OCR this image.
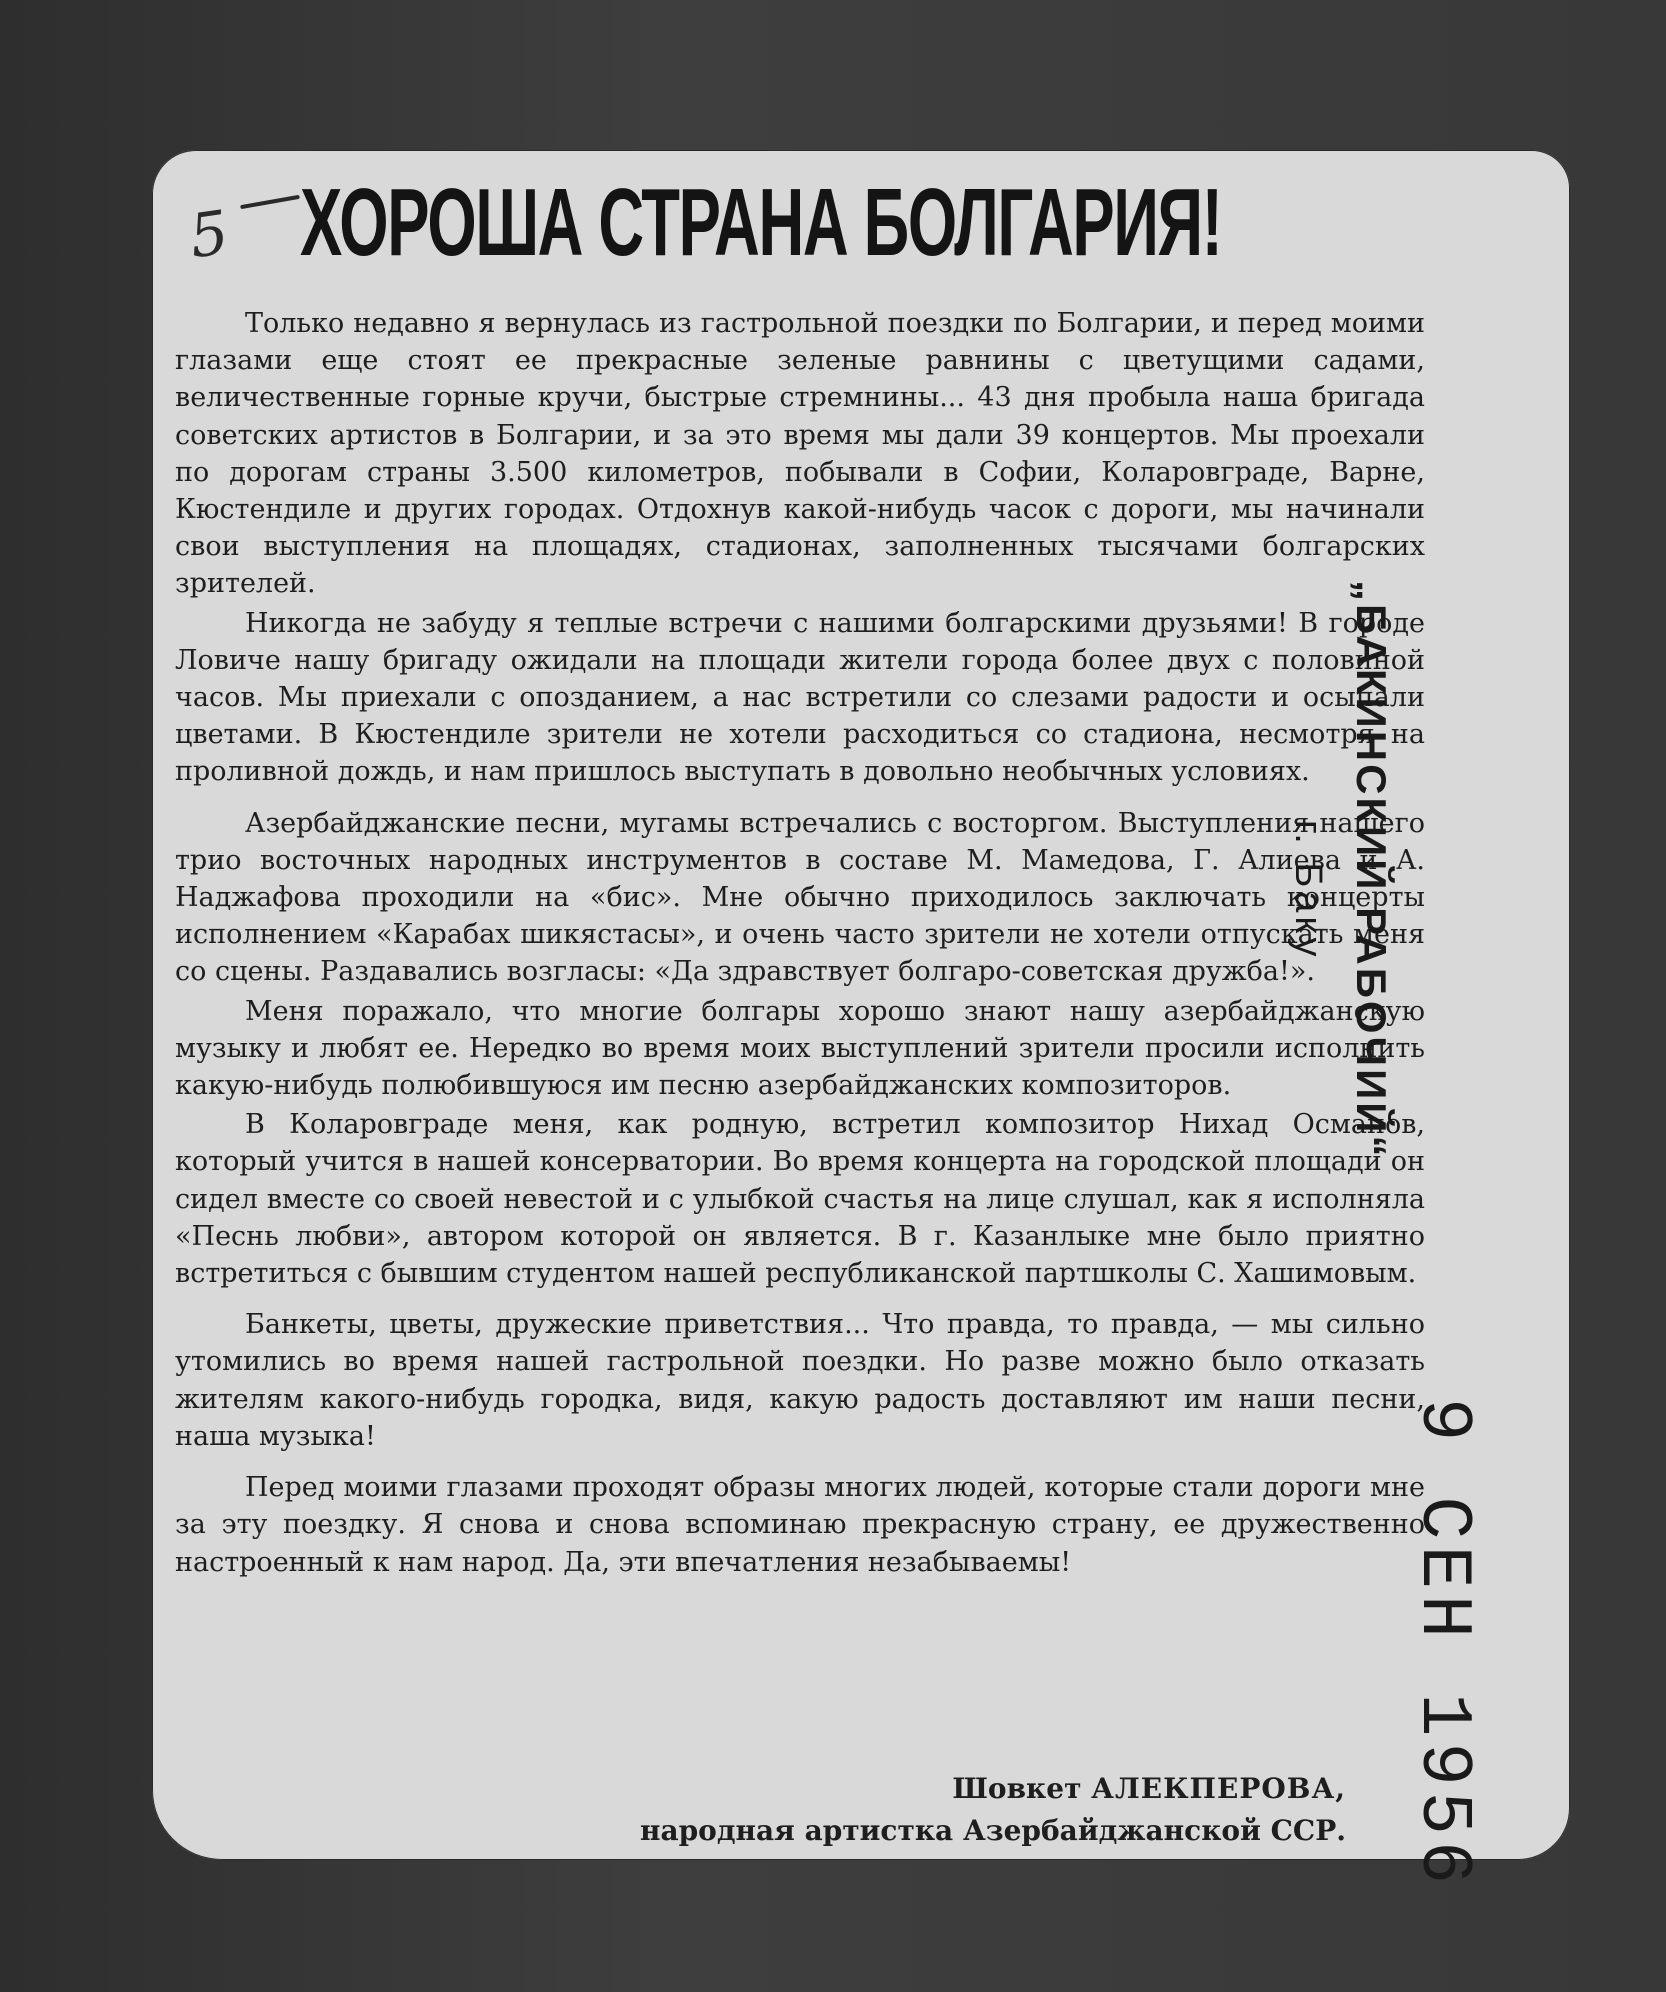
5 ХОРОША СТРАНА БОЛГАРИЯ!

Только недавно я вернулась из гастрольной поездки по Болгарии, и перед моими глазами еще стоят ее прекрасные зеленые равнины с цветущими садами, величественные горные кручи, быстрые стремнины... 43 дня пробыла наша бригада советских артистов в Болгарии, и за это время мы дали 39 концертов. Мы проехали по дорогам страны 3.500 километров, побывали в Софии, Коларовграде, Варне, Кюстендиле и других городах. Отдохнув какой-нибудь часок с дороги, мы начинали свои выступления на площадях, стадионах, заполненных тысячами болгарских зрителей.

Никогда не забуду я теплые встречи с нашими болгарскими друзьями! В городе Ловиче нашу бригаду ожидали на площади жители города более двух с половиной часов. Мы приехали с опозданием, а нас встретили со слезами радости и осыпали цветами. В Кюстендиле зрители не хотели расходиться со стадиона, несмотря на проливной дождь, и нам пришлось выступать в довольно необычных условиях.

Азербайджанские песни, мугамы встречались с восторгом. Выступления нашего трио восточных народных инструментов в составе М. Мамедова, Г. Алиева и А. Наджафова проходили на «бис». Мне обычно приходилось заключать концерты исполнением «Карабах шикястасы», и очень часто зрители не хотели отпускать меня со сцены. Раздавались возгласы: «Да здравствует болгаро-советская дружба!».

Меня поражало, что многие болгары хорошо знают нашу азербайджанскую музыку и любят ее. Нередко во время моих выступлений зрители просили исполнить какую-нибудь полюбившуюся им песню азербайджанских композиторов.

В Коларовграде меня, как родную, встретил композитор Нихад Османов, который учится в нашей консерватории. Во время концерта на городской площади он сидел вместе со своей невестой и с улыбкой счастья на лице слушал, как я исполняла «Песнь любви», автором которой он является. В г. Казанлыке мне было приятно встретиться с бывшим студентом нашей республиканской партшколы С. Хашимовым.

Банкеты, цветы, дружеские приветствия... Что правда, то правда, — мы сильно утомились во время нашей гастрольной поездки. Но разве можно было отказать жителям какого-нибудь городка, видя, какую радость доставляют им наши песни, наша музыка!

Перед моими глазами проходят образы многих людей, которые стали дороги мне за эту поездку. Я снова и снова вспоминаю прекрасную страну, ее дружественно настроенный к нам народ. Да, эти впечатления незабываемы!

Шовкет АЛЕКПЕРОВА,
народная артистка Азербайджанской ССР.
„БАКИНСКИЙ РАБОЧИЙ“
г. Баку
9 СЕН 1956
